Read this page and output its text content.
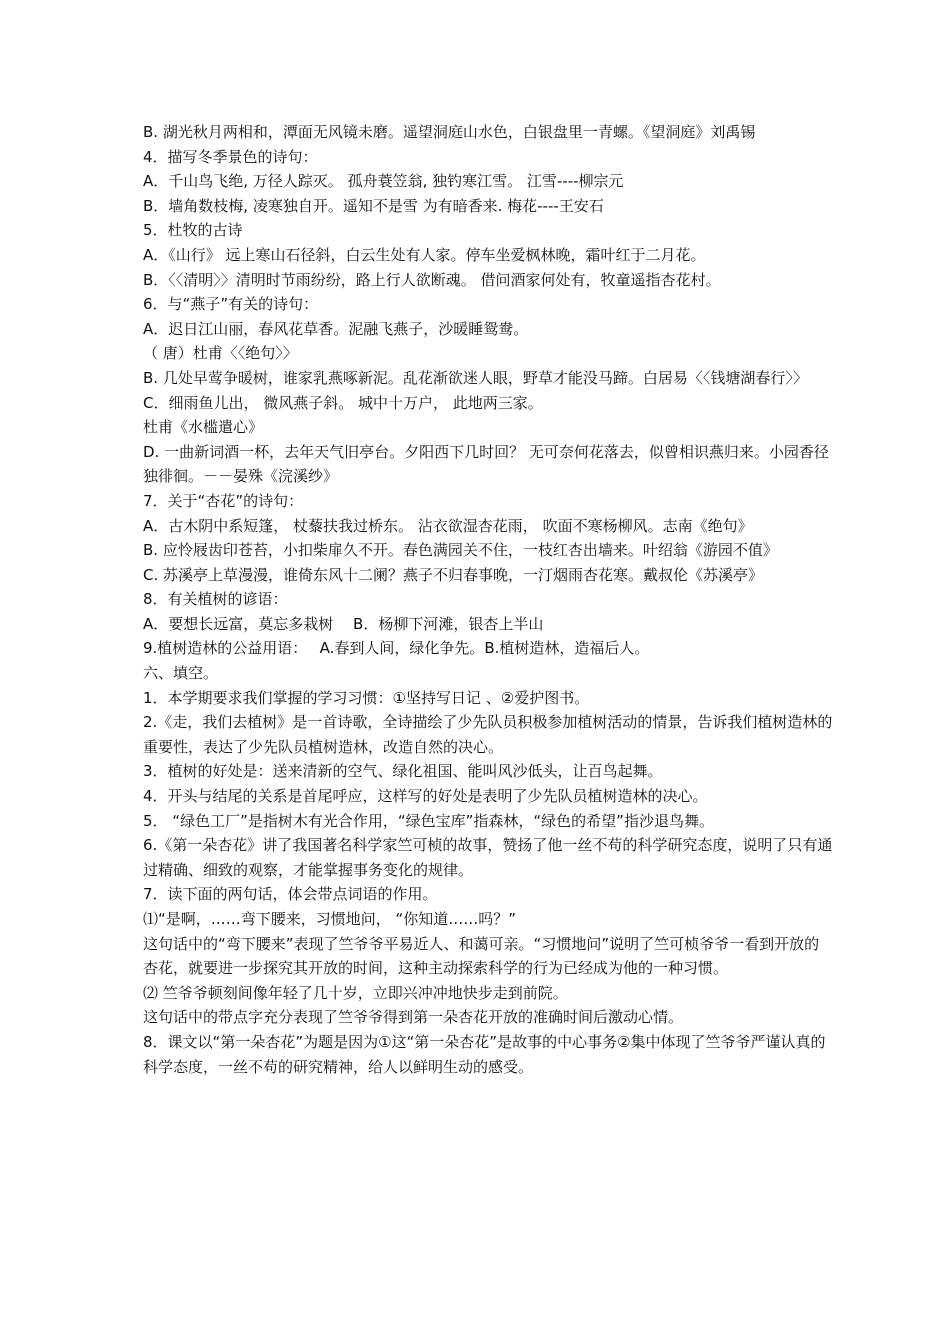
B. 湖光秋月两相和，潭面无风镜未磨。遥望洞庭山水色，白银盘里一青螺。《望洞庭》刘禹锡

4．描写冬季景色的诗句：

A．千山鸟飞绝, 万径人踪灭。 孤舟蓑笠翁, 独钓寒江雪。 江雪----柳宗元

B．墙角数枝梅, 凌寒独自开。遥知不是雪 为有暗香来. 梅花----王安石

5．杜牧的古诗

A．《山行》 远上寒山石径斜，白云生处有人家。停车坐爱枫林晚，霜叶红于二月花。

B．〈〈清明〉〉清明时节雨纷纷，路上行人欲断魂。 借问酒家何处有，牧童遥指杏花村。

6．与“燕子”有关的诗句：

A．迟日江山丽，春风花草香。泥融飞燕子，沙暖睡鸳鸯。

（ 唐）杜甫〈〈绝句〉〉

B. 几处早莺争暖树，谁家乳燕啄新泥。乱花渐欲迷人眼，野草才能没马蹄。白居易〈〈钱塘湖春行〉〉

C．细雨鱼儿出， 微风燕子斜。 城中十万户， 此地两三家。

杜甫《水槛遣心》

D. 一曲新词酒一杯，去年天气旧亭台。夕阳西下几时回？ 无可奈何花落去，似曾相识燕归来。小园香径独徘徊。－－晏殊《浣溪纱》

7．关于“杏花”的诗句：

A．古木阴中系短篷， 杖藜扶我过桥东。 沾衣欲湿杏花雨， 吹面不寒杨柳风。志南《绝句》

B. 应怜屐齿印苍苔，小扣柴扉久不开。春色满园关不住，一枝红杏出墙来。叶绍翁《游园不值》

C. 苏溪亭上草漫漫，谁倚东风十二阑？燕子不归春事晚，一汀烟雨杏花寒。戴叔伦《苏溪亭》

8．有关植树的谚语：

A．要想长远富，莫忘多栽树 　B．杨柳下河滩，银杏上半山

9.植树造林的公益用语：　 A.春到人间，绿化争先。B.植树造林，造福后人。

六、填空。

1．本学期要求我们掌握的学习习惯：①坚持写日记 、②爱护图书。

2.《走，我们去植树》是一首诗歌，全诗描绘了少先队员积极参加植树活动的情景，告诉我们植树造林的重要性，表达了少先队员植树造林，改造自然的决心。

3．植树的好处是：送来清新的空气、绿化祖国、能叫风沙低头，让百鸟起舞。

4．开头与结尾的关系是首尾呼应，这样写的好处是表明了少先队员植树造林的决心。

5． “绿色工厂”是指树木有光合作用，“绿色宝库”指森林，“绿色的希望”指沙退鸟舞。

6.《第一朵杏花》讲了我国著名科学家竺可桢的故事，赞扬了他一丝不苟的科学研究态度，说明了只有通过精确、细致的观察，才能掌握事务变化的规律。

7．读下面的两句话，体会带点词语的作用。

⑴“是啊，……弯下腰来，习惯地问， “你知道……吗？”

这句话中的“弯下腰来”表现了竺爷爷平易近人、和蔼可亲。“习惯地问”说明了竺可桢爷爷一看到开放的杏花，就要进一步探究其开放的时间，这种主动探索科学的行为已经成为他的一种习惯。

⑵ 竺爷爷顿刻间像年轻了几十岁，立即兴冲冲地快步走到前院。

这句话中的带点字充分表现了竺爷爷得到第一朵杏花开放的准确时间后激动心情。

8．课文以“第一朵杏花”为题是因为①这“第一朵杏花”是故事的中心事务②集中体现了竺爷爷严谨认真的科学态度，一丝不苟的研究精神，给人以鲜明生动的感受。
